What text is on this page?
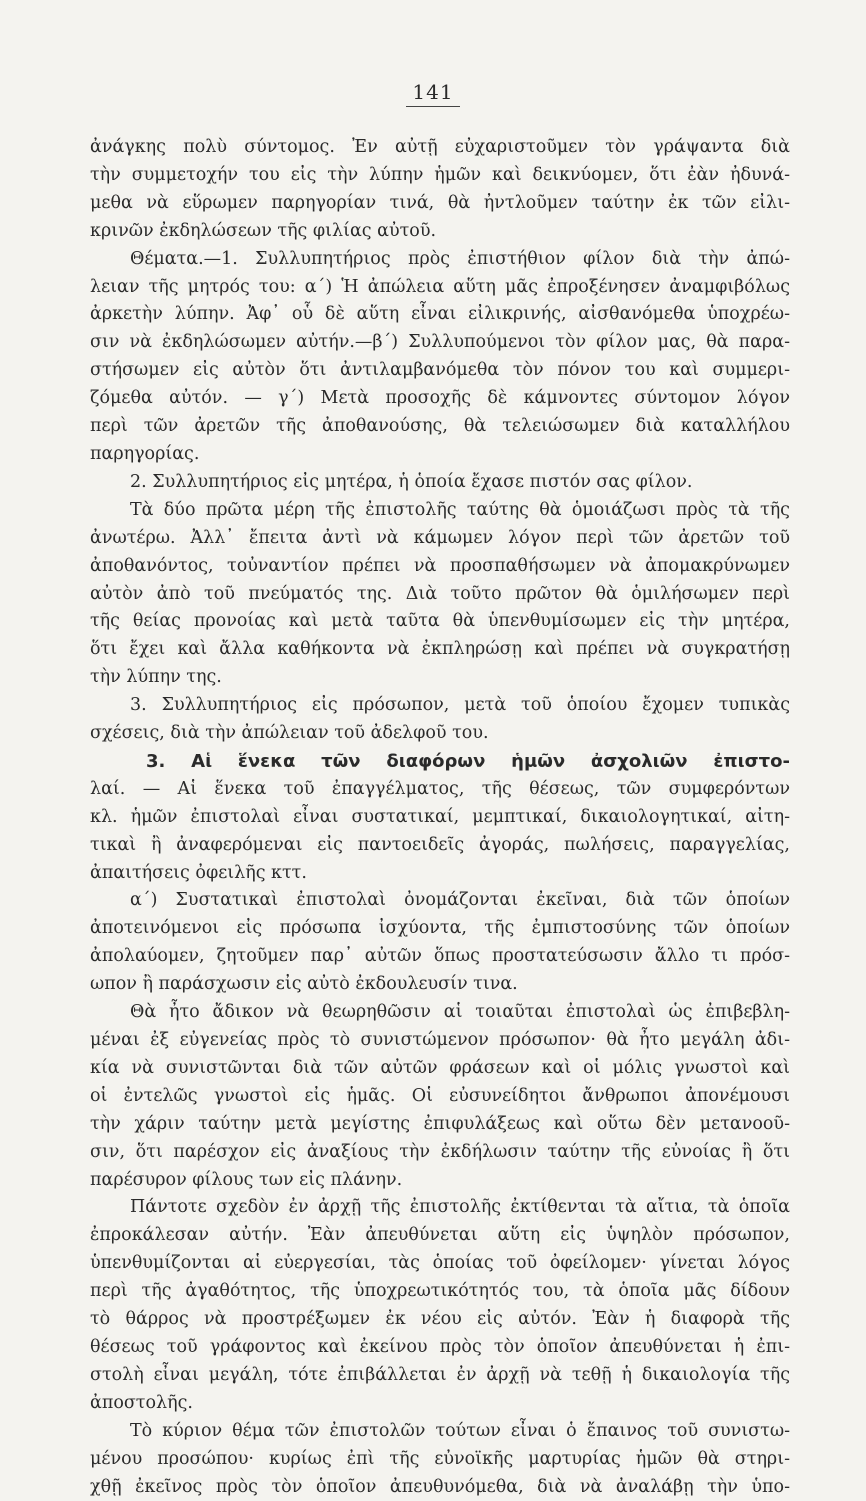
141
ἀνάγκης πολὺ σύντομος. Ἐν αὐτῇ εὐχαριστοῦμεν τὸν γράψαντα διὰ
τὴν συμμετοχήν του εἰς τὴν λύπην ἡμῶν καὶ δεικνύομεν, ὅτι ἐὰν ἠδυνά-
μεθα νὰ εὕρωμεν παρηγορίαν τινά, θὰ ἠντλοῦμεν ταύτην ἐκ τῶν εἰλι-
κρινῶν ἐκδηλώσεων τῆς φιλίας αὐτοῦ.
Θέματα.—1. Συλλυπητήριος πρὸς ἐπιστήθιον φίλον διὰ τὴν ἀπώ-
λειαν τῆς μητρός του: α΄) Ἡ ἀπώλεια αὕτη μᾶς ἐπροξένησεν ἀναμφιβόλως
ἀρκετὴν λύπην. Ἀφ᾽ οὗ δὲ αὕτη εἶναι εἰλικρινής, αἰσθανόμεθα ὑποχρέω-
σιν νὰ ἐκδηλώσωμεν αὐτήν.—β΄) Συλλυπούμενοι τὸν φίλον μας, θὰ παρα-
στήσωμεν εἰς αὐτὸν ὅτι ἀντιλαμβανόμεθα τὸν πόνον του καὶ συμμερι-
ζόμεθα αὐτόν. — γ΄) Μετὰ προσοχῆς δὲ κάμνοντες σύντομον λόγον
περὶ τῶν ἀρετῶν τῆς ἀποθανούσης, θὰ τελειώσωμεν διὰ καταλλήλου
παρηγορίας.
2. Συλλυπητήριος εἰς μητέρα, ἡ ὁποία ἔχασε πιστόν σας φίλον.
Τὰ δύο πρῶτα μέρη τῆς ἐπιστολῆς ταύτης θὰ ὁμοιάζωσι πρὸς τὰ τῆς
ἀνωτέρω. Ἀλλ᾽ ἔπειτα ἀντὶ νὰ κάμωμεν λόγον περὶ τῶν ἀρετῶν τοῦ
ἀποθανόντος, τοὐναντίον πρέπει νὰ προσπαθήσωμεν νὰ ἀπομακρύνωμεν
αὐτὸν ἀπὸ τοῦ πνεύματός της. Διὰ τοῦτο πρῶτον θὰ ὁμιλήσωμεν περὶ
τῆς θείας προνοίας καὶ μετὰ ταῦτα θὰ ὑπενθυμίσωμεν εἰς τὴν μητέρα,
ὅτι ἔχει καὶ ἄλλα καθήκοντα νὰ ἐκπληρώσῃ καὶ πρέπει νὰ συγκρατήσῃ
τὴν λύπην της.
3. Συλλυπητήριος εἰς πρόσωπον, μετὰ τοῦ ὁποίου ἔχομεν τυπικὰς
σχέσεις, διὰ τὴν ἀπώλειαν τοῦ ἀδελφοῦ του.
3. Αἱ ἕνεκα τῶν διαφόρων ἡμῶν ἀσχολιῶν ἐπιστο-
λαί. — Αἱ ἕνεκα τοῦ ἐπαγγέλματος, τῆς θέσεως, τῶν συμφερόντων
κλ. ἡμῶν ἐπιστολαὶ εἶναι συστατικαί, μεμπτικαί, δικαιολογητικαί, αἰτη-
τικαὶ ἢ ἀναφερόμεναι εἰς παντοειδεῖς ἀγοράς, πωλήσεις, παραγγελίας,
ἀπαιτήσεις ὀφειλῆς κττ.
α΄) Συστατικαὶ ἐπιστολαὶ ὀνομάζονται ἐκεῖναι, διὰ τῶν ὁποίων
ἀποτεινόμενοι εἰς πρόσωπα ἰσχύοντα, τῆς ἐμπιστοσύνης τῶν ὁποίων
ἀπολαύομεν, ζητοῦμεν παρ᾽ αὐτῶν ὅπως προστατεύσωσιν ἄλλο τι πρόσ-
ωπον ἢ παράσχωσιν εἰς αὐτὸ ἐκδουλευσίν τινα.
Θὰ ἦτο ἄδικον νὰ θεωρηθῶσιν αἱ τοιαῦται ἐπιστολαὶ ὡς ἐπιβεβλη-
μέναι ἐξ εὐγενείας πρὸς τὸ συνιστώμενον πρόσωπον· θὰ ἦτο μεγάλη ἀδι-
κία νὰ συνιστῶνται διὰ τῶν αὐτῶν φράσεων καὶ οἱ μόλις γνωστοὶ καὶ
οἱ ἐντελῶς γνωστοὶ εἰς ἡμᾶς. Οἱ εὐσυνείδητοι ἄνθρωποι ἀπονέμουσι
τὴν χάριν ταύτην μετὰ μεγίστης ἐπιφυλάξεως καὶ οὕτω δὲν μετανοοῦ-
σιν, ὅτι παρέσχον εἰς ἀναξίους τὴν ἐκδήλωσιν ταύτην τῆς εὐνοίας ἢ ὅτι
παρέσυρον φίλους των εἰς πλάνην.
Πάντοτε σχεδὸν ἐν ἀρχῇ τῆς ἐπιστολῆς ἐκτίθενται τὰ αἴτια, τὰ ὁποῖα
ἐπροκάλεσαν αὐτήν. Ἐὰν ἀπευθύνεται αὕτη εἰς ὑψηλὸν πρόσωπον,
ὑπενθυμίζονται αἱ εὐεργεσίαι, τὰς ὁποίας τοῦ ὀφείλομεν· γίνεται λόγος
περὶ τῆς ἀγαθότητος, τῆς ὑποχρεωτικότητός του, τὰ ὁποῖα μᾶς δίδουν
τὸ θάρρος νὰ προστρέξωμεν ἐκ νέου εἰς αὐτόν. Ἐὰν ἡ διαφορὰ τῆς
θέσεως τοῦ γράφοντος καὶ ἐκείνου πρὸς τὸν ὁποῖον ἀπευθύνεται ἡ ἐπι-
στολὴ εἶναι μεγάλη, τότε ἐπιβάλλεται ἐν ἀρχῇ νὰ τεθῇ ἡ δικαιολογία τῆς
ἀποστολῆς.
Τὸ κύριον θέμα τῶν ἐπιστολῶν τούτων εἶναι ὁ ἔπαινος τοῦ συνιστω-
μένου προσώπου· κυρίως ἐπὶ τῆς εὐνοϊκῆς μαρτυρίας ἡμῶν θὰ στηρι-
χθῇ ἐκεῖνος πρὸς τὸν ὁποῖον ἀπευθυνόμεθα, διὰ νὰ ἀναλάβῃ τὴν ὑπο-
